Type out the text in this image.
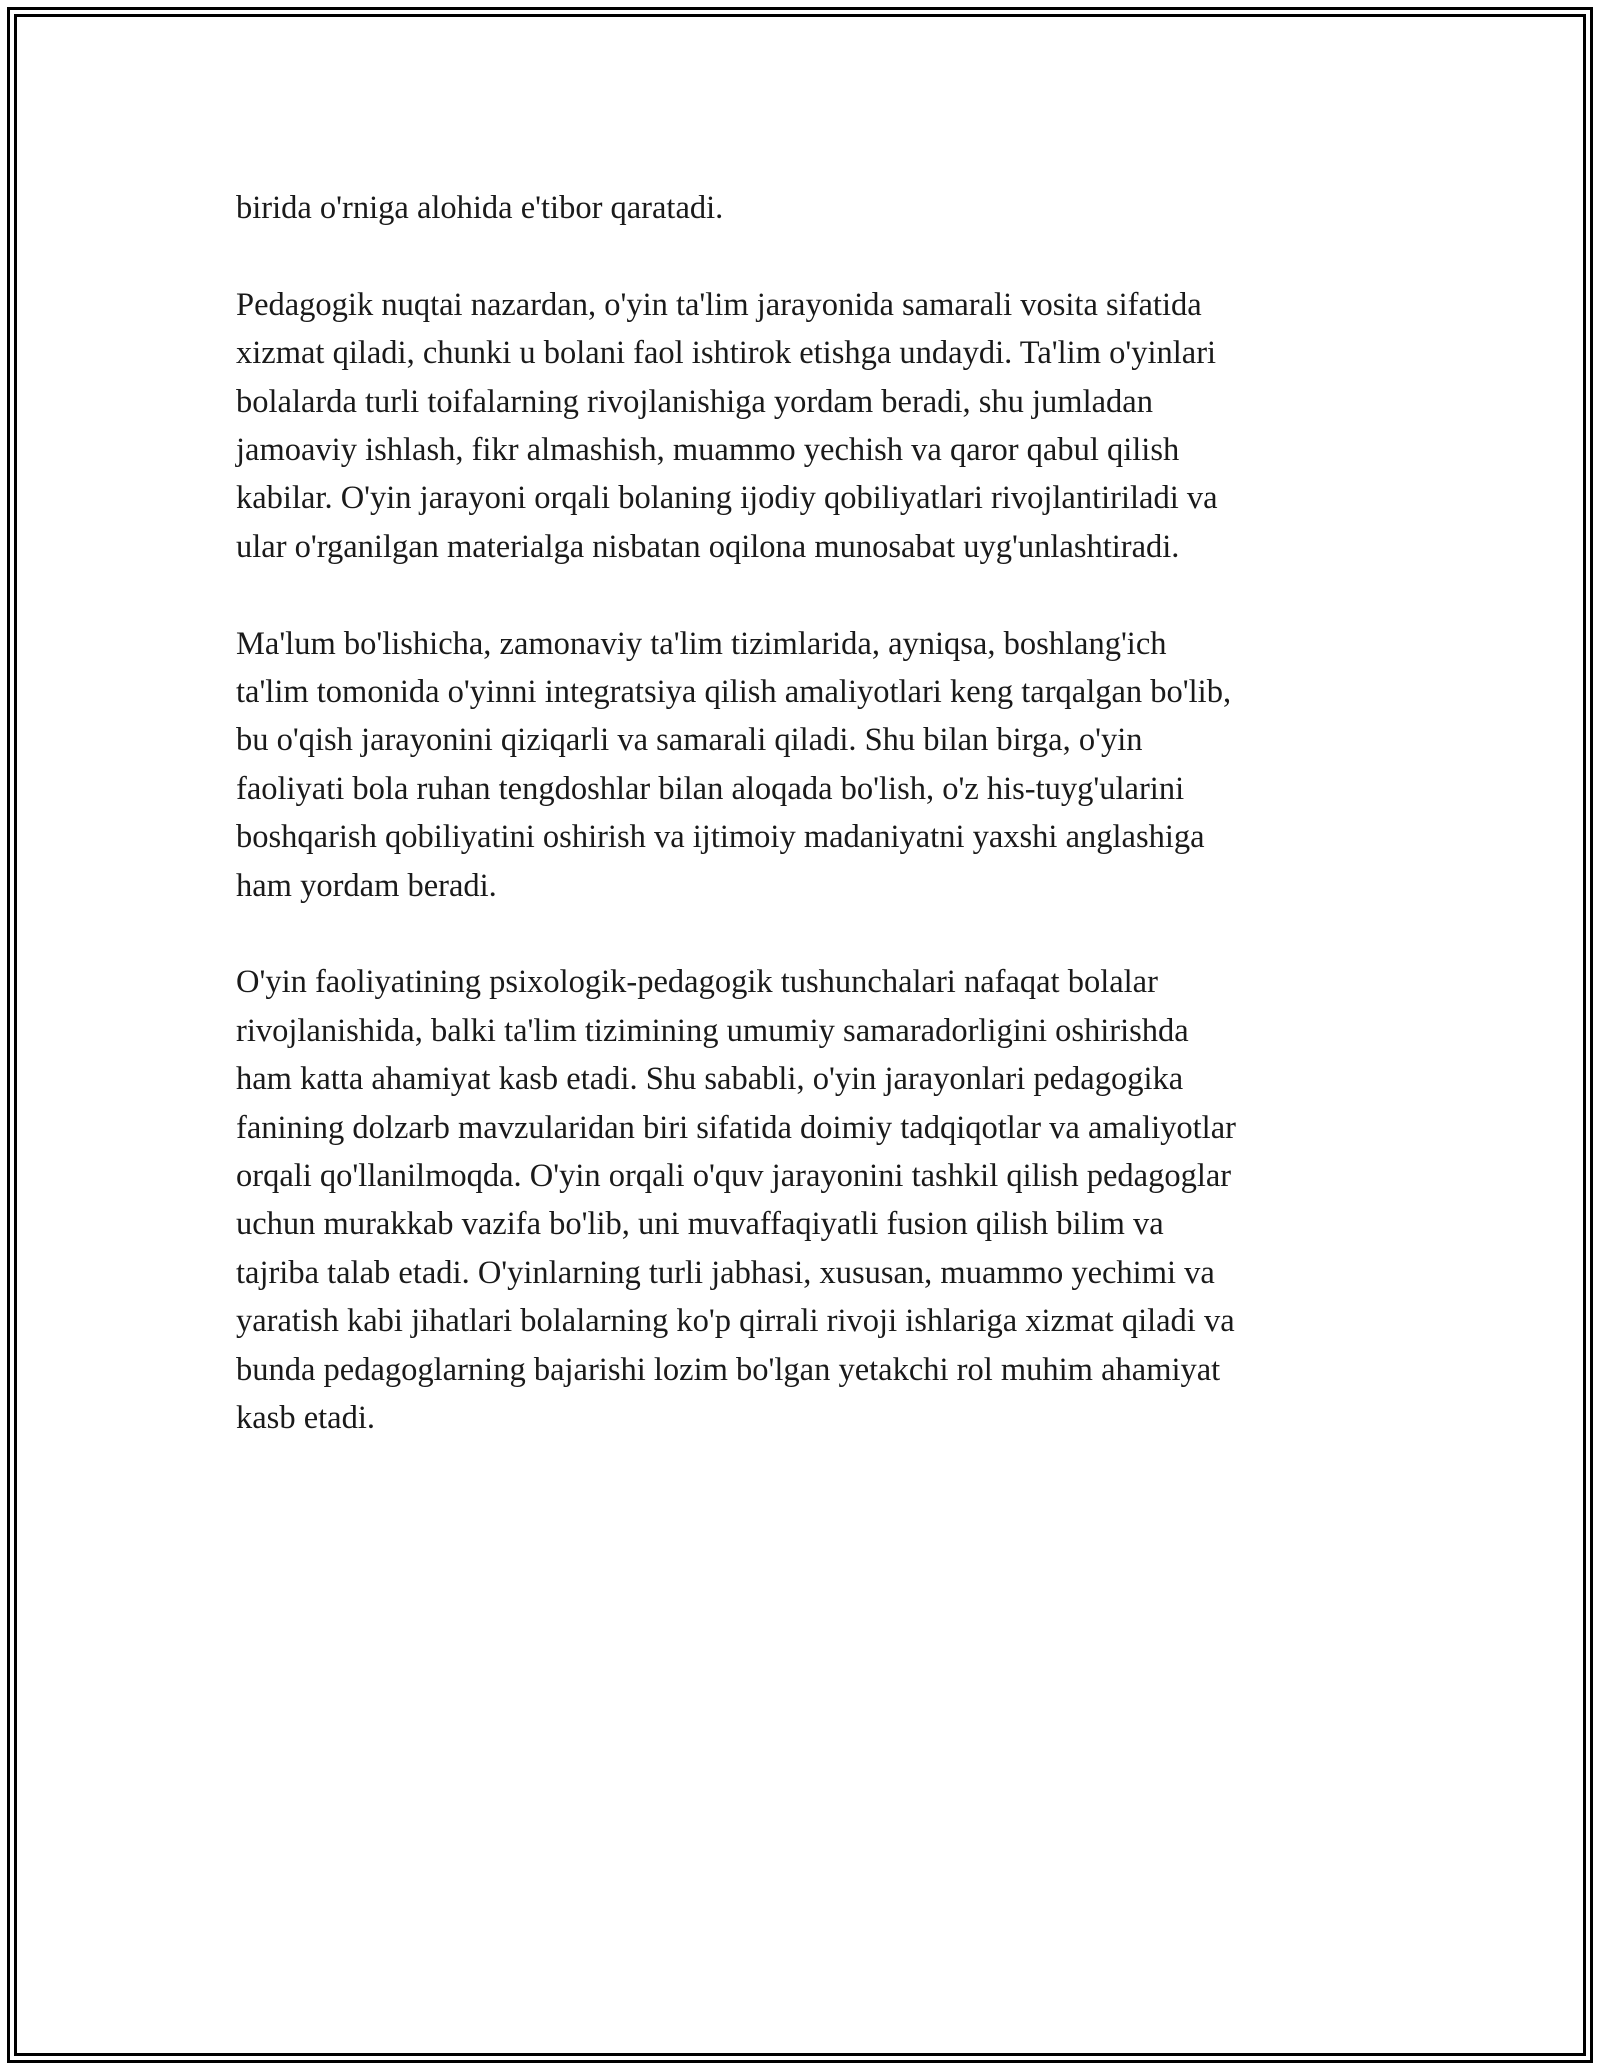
birida o'rniga alohida e'tibor qaratadi.

Pedagogik nuqtai nazardan, o'yin ta'lim jarayonida samarali vosita sifatida
xizmat qiladi, chunki u bolani faol ishtirok etishga undaydi. Ta'lim o'yinlari
bolalarda turli toifalarning rivojlanishiga yordam beradi, shu jumladan
jamoaviy ishlash, fikr almashish, muammo yechish va qaror qabul qilish
kabilar. O'yin jarayoni orqali bolaning ijodiy qobiliyatlari rivojlantiriladi va
ular o'rganilgan materialga nisbatan oqilona munosabat uyg'unlashtiradi.

Ma'lum bo'lishicha, zamonaviy ta'lim tizimlarida, ayniqsa, boshlang'ich
ta'lim tomonida o'yinni integratsiya qilish amaliyotlari keng tarqalgan bo'lib,
bu o'qish jarayonini qiziqarli va samarali qiladi. Shu bilan birga, o'yin
faoliyati bola ruhan tengdoshlar bilan aloqada bo'lish, o'z his-tuyg'ularini
boshqarish qobiliyatini oshirish va ijtimoiy madaniyatni yaxshi anglashiga
ham yordam beradi.

O'yin faoliyatining psixologik-pedagogik tushunchalari nafaqat bolalar
rivojlanishida, balki ta'lim tizimining umumiy samaradorligini oshirishda
ham katta ahamiyat kasb etadi. Shu sababli, o'yin jarayonlari pedagogika
fanining dolzarb mavzularidan biri sifatida doimiy tadqiqotlar va amaliyotlar
orqali qo'llanilmoqda. O'yin orqali o'quv jarayonini tashkil qilish pedagoglar
uchun murakkab vazifa bo'lib, uni muvaffaqiyatli fusion qilish bilim va
tajriba talab etadi. O'yinlarning turli jabhasi, xususan, muammo yechimi va
yaratish kabi jihatlari bolalarning ko'p qirrali rivoji ishlariga xizmat qiladi va
bunda pedagoglarning bajarishi lozim bo'lgan yetakchi rol muhim ahamiyat
kasb etadi.
